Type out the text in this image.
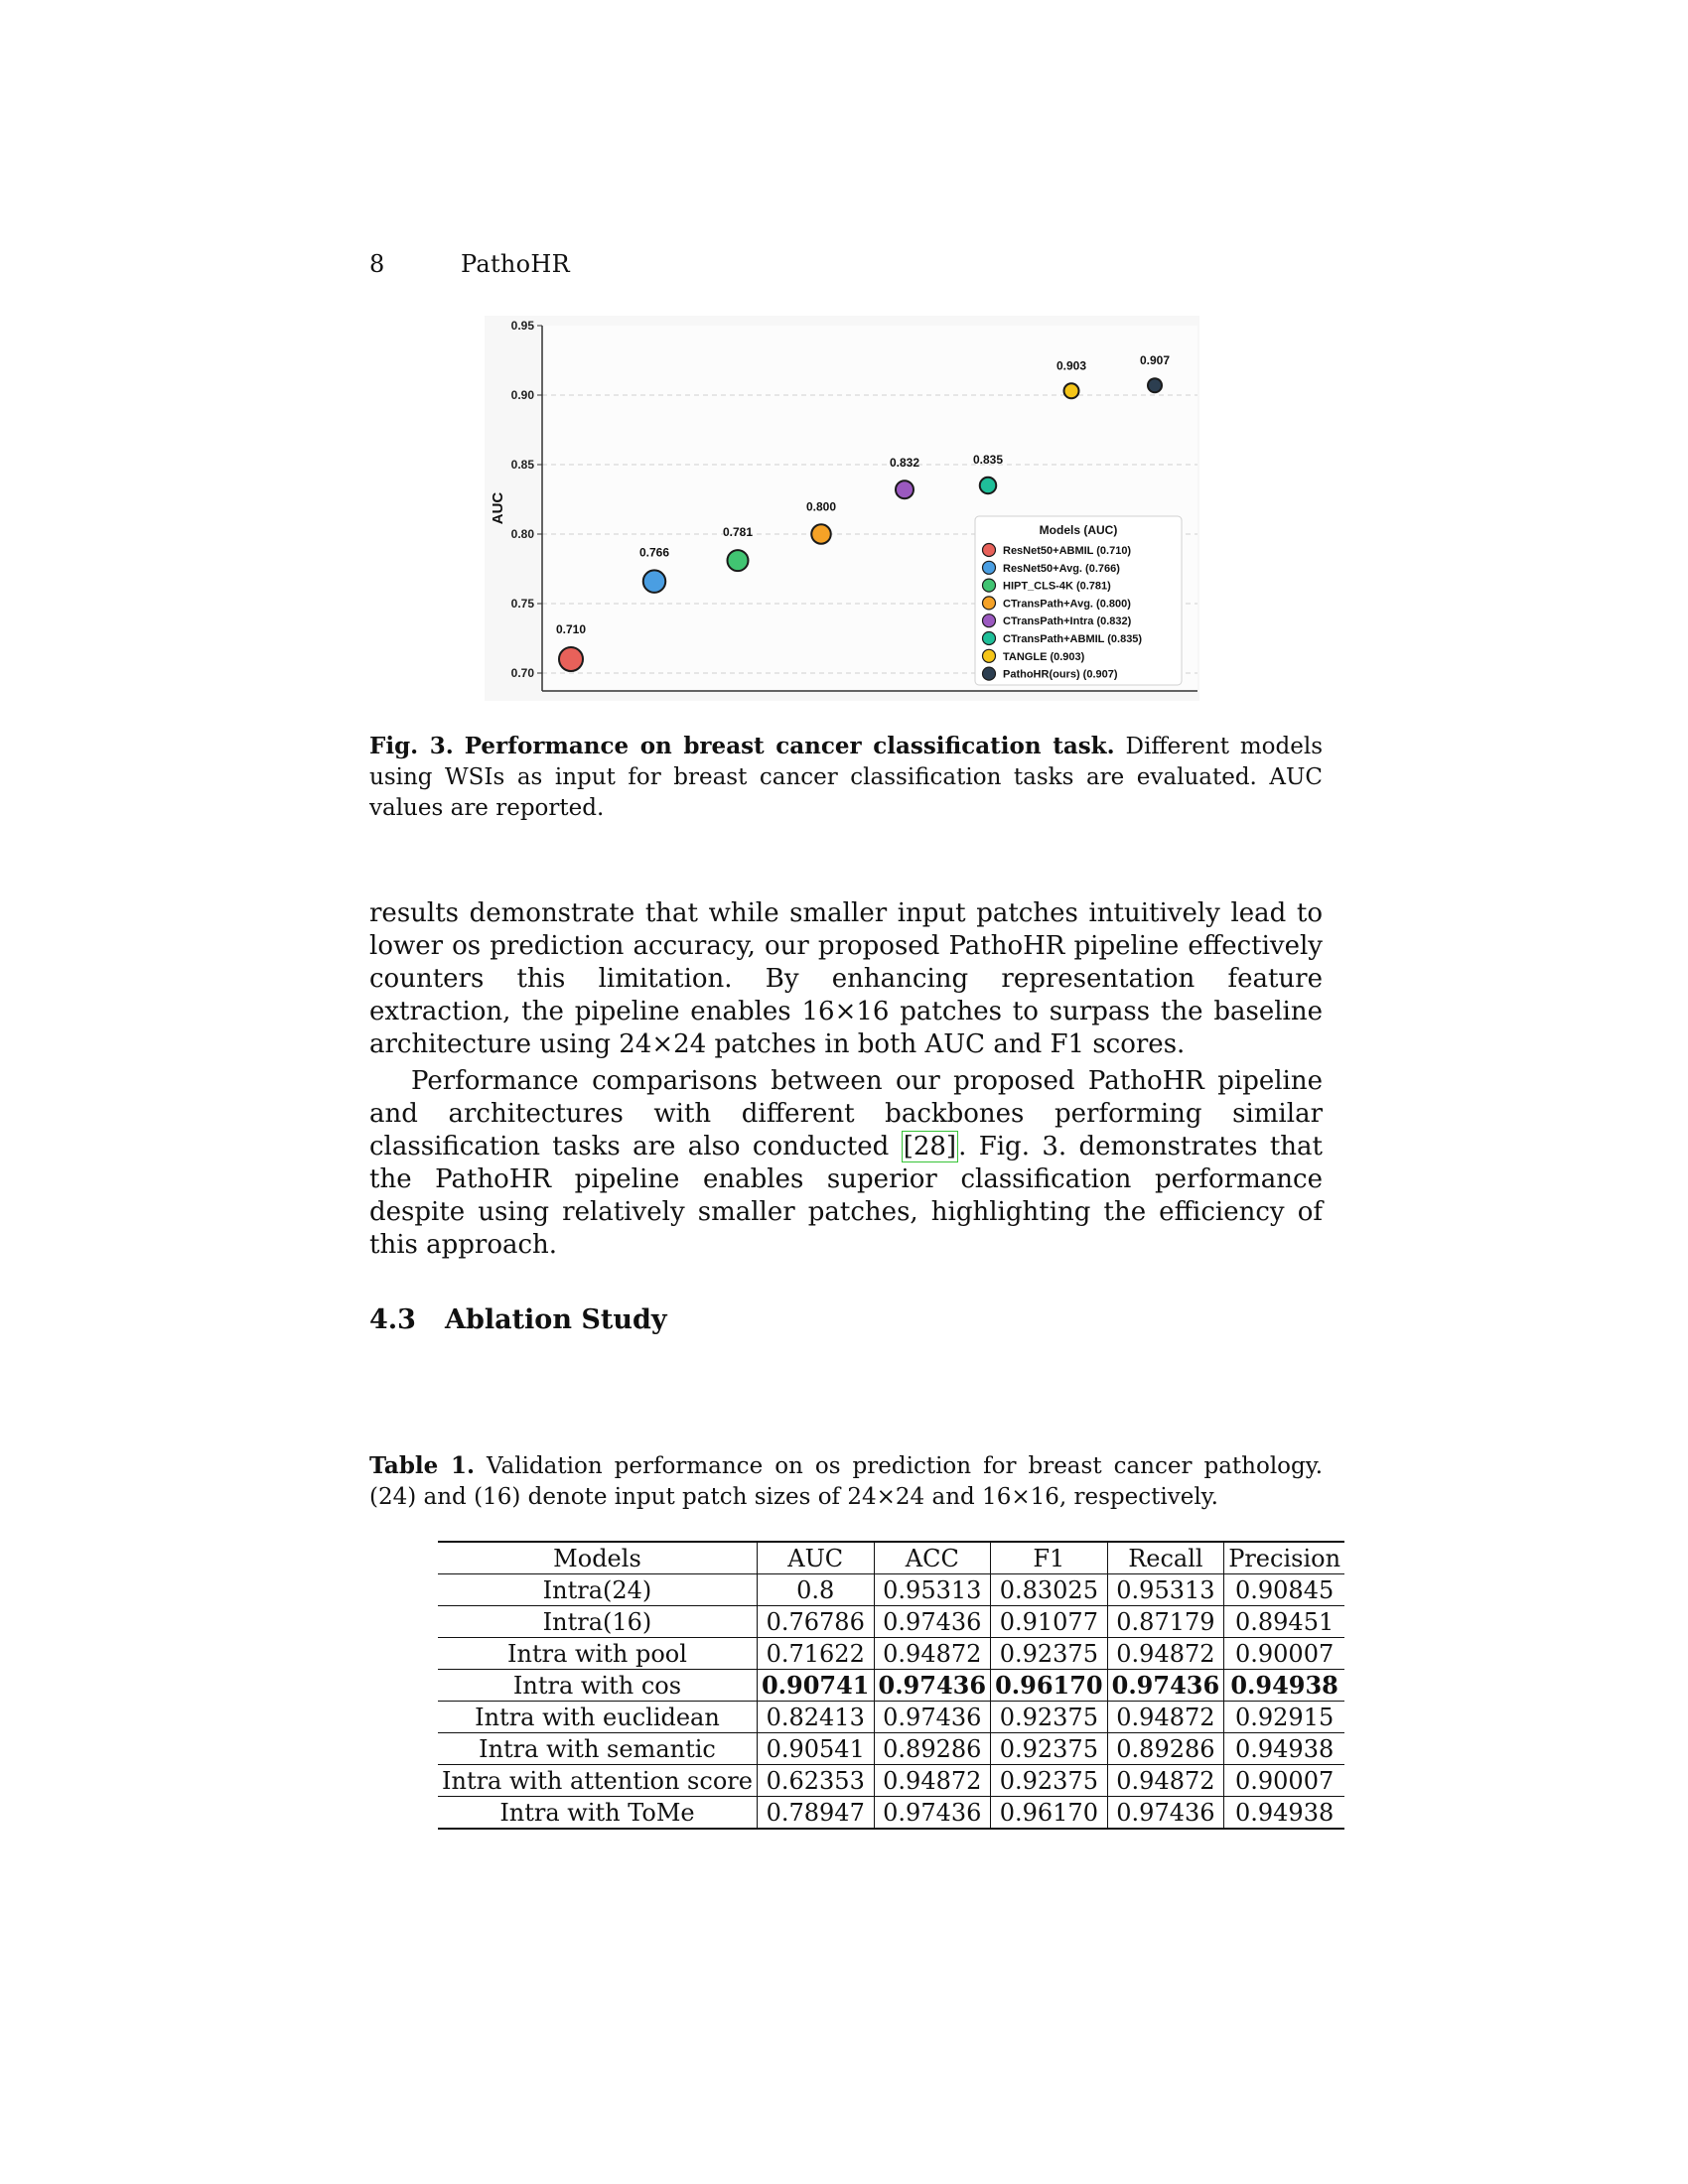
8	PathoHR
0.95
0.90
0.85
0.80
0.75
0.70
AUC
0.710
0.766
0.781
0.800
0.832	0.835
0.903	0.907
Models (AUC)
ResNet50+ABMIL (0.710)
ResNet50+Avg. (0.766)
HIPT_CLS-4K (0.781)
CTransPath+Avg. (0.800)
CTransPath+Intra (0.832)
CTransPath+ABMIL (0.835)
TANGLE (0.903)
PathoHR(ours) (0.907)
Fig. 3. Performance on breast cancer classification task. Different models using WSIs as input for breast cancer classification tasks are evaluated. AUC values are reported.

results demonstrate that while smaller input patches intuitively lead to lower os prediction accuracy, our proposed PathoHR pipeline effectively counters this limitation. By enhancing representation feature extraction, the pipeline enables 16×16 patches to surpass the baseline architecture using 24×24 patches in both AUC and F1 scores.

Performance comparisons between our proposed PathoHR pipeline and architectures with different backbones performing similar classification tasks are also conducted [28]. Fig. 3. demonstrates that the PathoHR pipeline enables superior classification performance despite using relatively smaller patches, highlighting the efficiency of this approach.

4.3 Ablation Study
Table 1. Validation performance on os prediction for breast cancer pathology.(24) and (16) denote input patch sizes of 24×24 and 16×16, respectively.
Models	AUC	ACC	F1	Recall	Precision
Intra(24)	0.8	0.95313	0.83025	0.95313	0.90845
Intra(16)	0.76786	0.97436	0.91077	0.87179	0.89451
Intra with pool	0.71622	0.94872	0.92375	0.94872	0.90007
Intra with cos	0.90741	0.97436	0.96170	0.97436	0.94938
Intra with euclidean	0.82413	0.97436	0.92375	0.94872	0.92915
Intra with semantic	0.90541	0.89286	0.92375	0.89286	0.94938
Intra with attention score	0.62353	0.94872	0.92375	0.94872	0.90007
Intra with ToMe	0.78947	0.97436	0.96170	0.97436	0.94938
